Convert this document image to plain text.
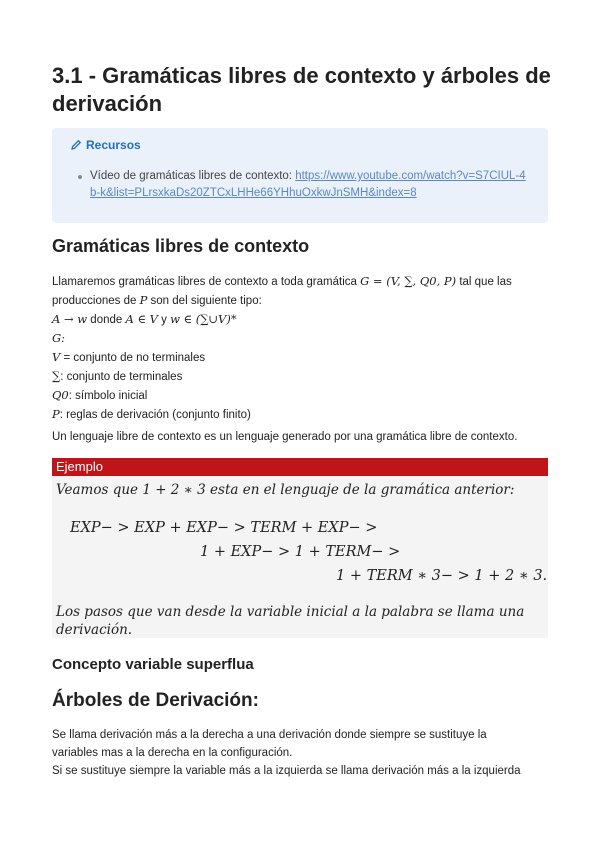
3.1 - Gramáticas libres de contexto y árboles de derivación
Recursos
Vídeo de gramáticas libres de contexto: https://www.youtube.com/watch?v=S7CIUL-4b-k&list=PLrsxkaDs20ZTCxLHHe66YHhuOxkwJnSMH&index=8
Gramáticas libres de contexto
Llamaremos gramáticas libres de contexto a toda gramática G = (V, ∑, Q0, P) tal que las
producciones de P son del siguiente tipo:
A → w donde A ∈ V y w ∈ (∑∪V)*
G:
V = conjunto de no terminales
∑: conjunto de terminales
Q0: símbolo inicial
P: reglas de derivación (conjunto finito)
Un lenguaje libre de contexto es un lenguaje generado por una gramática libre de contexto.
Ejemplo
Veamos que 1 + 2 ∗ 3 esta en el lenguaje de la gramática anterior:
EXP− > EXP + EXP− > TERM + EXP− >
1 + EXP− > 1 + TERM− >
1 + TERM ∗ 3− > 1 + 2 ∗ 3.
Los pasos que van desde la variable inicial a la palabra se llama una
derivación.
Concepto variable superflua
Árboles de Derivación:
Se llama derivación más a la derecha a una derivación donde siempre se sustituye la
variables mas a la derecha en la configuración.
Si se sustituye siempre la variable más a la izquierda se llama derivación más a la izquierda
